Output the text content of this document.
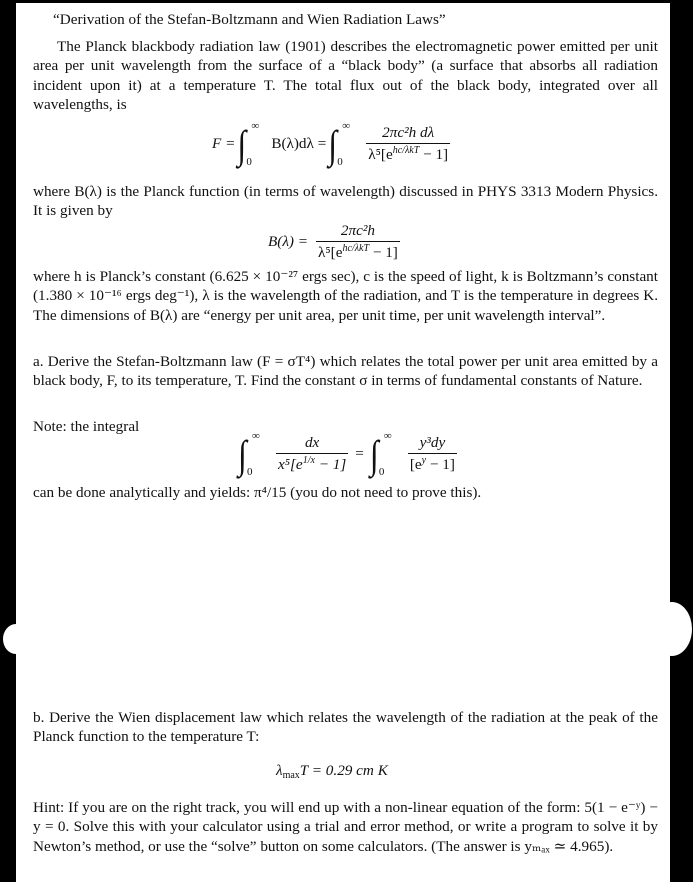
“Derivation of the Stefan-Boltzmann and Wien Radiation Laws”

The Planck blackbody radiation law (1901) describes the electromagnetic power emitted per unit area per unit wavelength from the surface of a “black body” (a surface that absorbs all radiation incident upon it) at a temperature T. The total flux out of the black body, integrated over all wavelengths, is

F = ∫ ∞
0
B(λ)dλ = ∫ ∞
$0 \frac{\text{2πc²h dλ}}{\lambda^5[e^{hc/\lambda kT} - 1]}$

where B(λ) is the Planck function (in terms of wavelength) discussed in PHYS 3313 Modern Physics. It is given by

$B(\lambda) = \frac{\text{2πc²h}}{\lambda^5[e^{hc/\lambda kT} - 1]}$

where h is Planck’s constant (6.625 × 10⁻²⁷ ergs sec), c is the speed of light, k is Boltzmann’s constant (1.380 × 10⁻¹⁶ ergs deg⁻¹), λ is the wavelength of the radiation, and T is the temperature in degrees K. The dimensions of B(λ) are “energy per unit area, per unit time, per unit wavelength interval”.

a. Derive the Stefan-Boltzmann law (F = σT⁴) which relates the total power per unit area emitted by a black body, F, to its temperature, T. Find the constant σ in terms of fundamental constants of Nature.

Note: the integral

∫ ∞
$0 \frac{dx}{x^5[e^{1/x} - 1]}$ = ∫ ∞
$0 \frac{\text{y³dy}}{[e^y - 1]}$

can be done analytically and yields: π⁴/15 (you do not need to prove this).

b. Derive the Wien displacement law which relates the wavelength of the radiation at the peak of the Planck function to the temperature T:

$\lambda_{max}$ T = 0.29 cm K

Hint: If you are on the right track, you will end up with a non-linear equation of the form: 5(1 − e⁻ʸ) − y = 0. Solve this with your calculator using a trial and error method, or write a program to solve it by Newton’s method, or use the “solve” button on some calculators. (The answer is yₘₐₓ ≃ 4.965).
